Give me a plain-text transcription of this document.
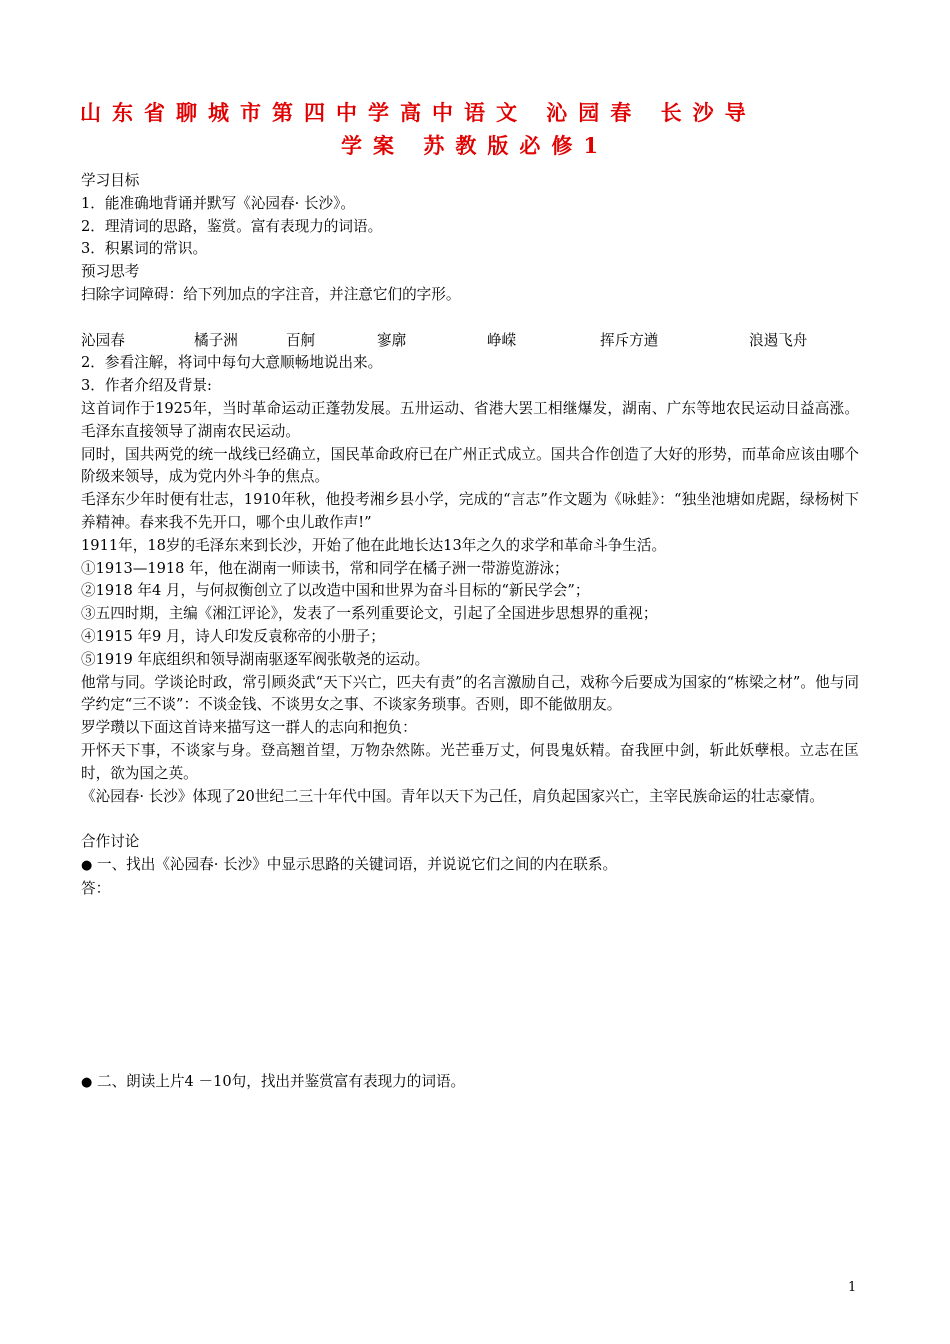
山东省聊城市第四中学高中语文 沁园春 长沙导
学案 苏教版必修1

学习目标

1．能准确地背诵并默写《沁园春· 长沙》。

2．理清词的思路，鉴赏。富有表现力的词语。

3．积累词的常识。

预习思考

扫除字词障碍：给下列加点的字注音，并注意它们的字形。

沁园春	橘子洲	百舸	寥廓	峥嵘	挥斥方遒	浪遏飞舟

2．参看注解，将词中每句大意顺畅地说出来。

3．作者介绍及背景:

这首词作于1925年，当时革命运动正蓬勃发展。五卅运动、省港大罢工相继爆发，湖南、广东等地农民运动日益高涨。毛泽东直接领导了湖南农民运动。

同时，国共两党的统一战线已经确立，国民革命政府已在广州正式成立。国共合作创造了大好的形势，而革命应该由哪个阶级来领导，成为党内外斗争的焦点。

毛泽东少年时便有壮志，1910年秋，他投考湘乡县小学，完成的“言志”作文题为《咏蛙》：“独坐池塘如虎踞，绿杨树下养精神。春来我不先开口，哪个虫儿敢作声!”

1911年，18岁的毛泽东来到长沙，开始了他在此地长达13年之久的求学和革命斗争生活。

①1913—1918 年，他在湖南一师读书，常和同学在橘子洲一带游览游泳；

②1918 年4 月，与何叔衡创立了以改造中国和世界为奋斗目标的“新民学会”；

③五四时期，主编《湘江评论》，发表了一系列重要论文，引起了全国进步思想界的重视；

④1915 年9 月，诗人印发反袁称帝的小册子；

⑤1919 年底组织和领导湖南驱逐军阀张敬尧的运动。

他常与同。学谈论时政，常引顾炎武“天下兴亡，匹夫有责”的名言激励自己，戏称今后要成为国家的“栋梁之材”。他与同学约定“三不谈”：不谈金钱、不谈男女之事、不谈家务琐事。否则，即不能做朋友。

罗学瓒以下面这首诗来描写这一群人的志向和抱负：

开怀天下事，不谈家与身。登高翘首望，万物杂然陈。光芒垂万丈，何畏鬼妖精。奋我匣中剑，斩此妖孽根。立志在匡时，欲为国之英。

《沁园春· 长沙》体现了20世纪二三十年代中国。青年以天下为己任，肩负起国家兴亡，主宰民族命运的壮志豪情。

合作讨论

● 一、找出《沁园春· 长沙》中显示思路的关键词语，并说说它们之间的内在联系。

答：

● 二、朗读上片4 －10句，找出并鉴赏富有表现力的词语。

1
